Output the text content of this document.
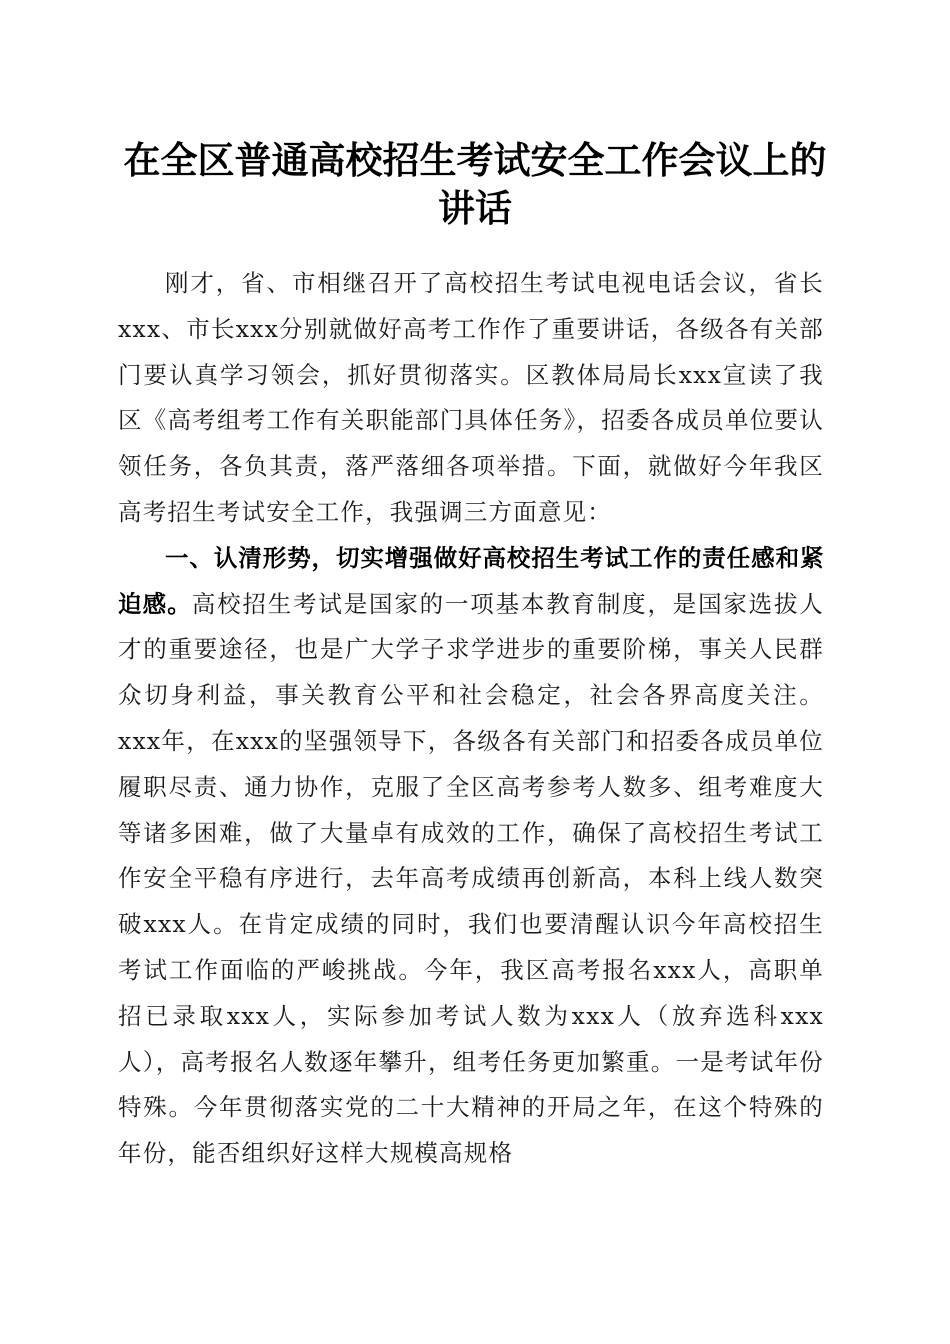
在全区普通高校招生考试安全工作会议上的讲话

刚才，省、市相继召开了高校招生考试电视电话会议，省长xxx、市长xxx分别就做好高考工作作了重要讲话，各级各有关部门要认真学习领会，抓好贯彻落实。区教体局局长xxx宣读了我区《高考组考工作有关职能部门具体任务》，招委各成员单位要认领任务，各负其责，落严落细各项举措。下面，就做好今年我区高考招生考试安全工作，我强调三方面意见：

一、认清形势，切实增强做好高校招生考试工作的责任感和紧迫感。高校招生考试是国家的一项基本教育制度，是国家选拔人才的重要途径，也是广大学子求学进步的重要阶梯，事关人民群众切身利益，事关教育公平和社会稳定，社会各界高度关注。xxx年，在xxx的坚强领导下，各级各有关部门和招委各成员单位履职尽责、通力协作，克服了全区高考参考人数多、组考难度大等诸多困难，做了大量卓有成效的工作，确保了高校招生考试工作安全平稳有序进行，去年高考成绩再创新高，本科上线人数突破xxx人。在肯定成绩的同时，我们也要清醒认识今年高校招生考试工作面临的严峻挑战。今年，我区高考报名xxx人，高职单招已录取xxx人，实际参加考试人数为xxx人（放弃选科xxx人），高考报名人数逐年攀升，组考任务更加繁重。一是考试年份特殊。今年贯彻落实党的二十大精神的开局之年，在这个特殊的年份，能否组织好这样大规模高规格
